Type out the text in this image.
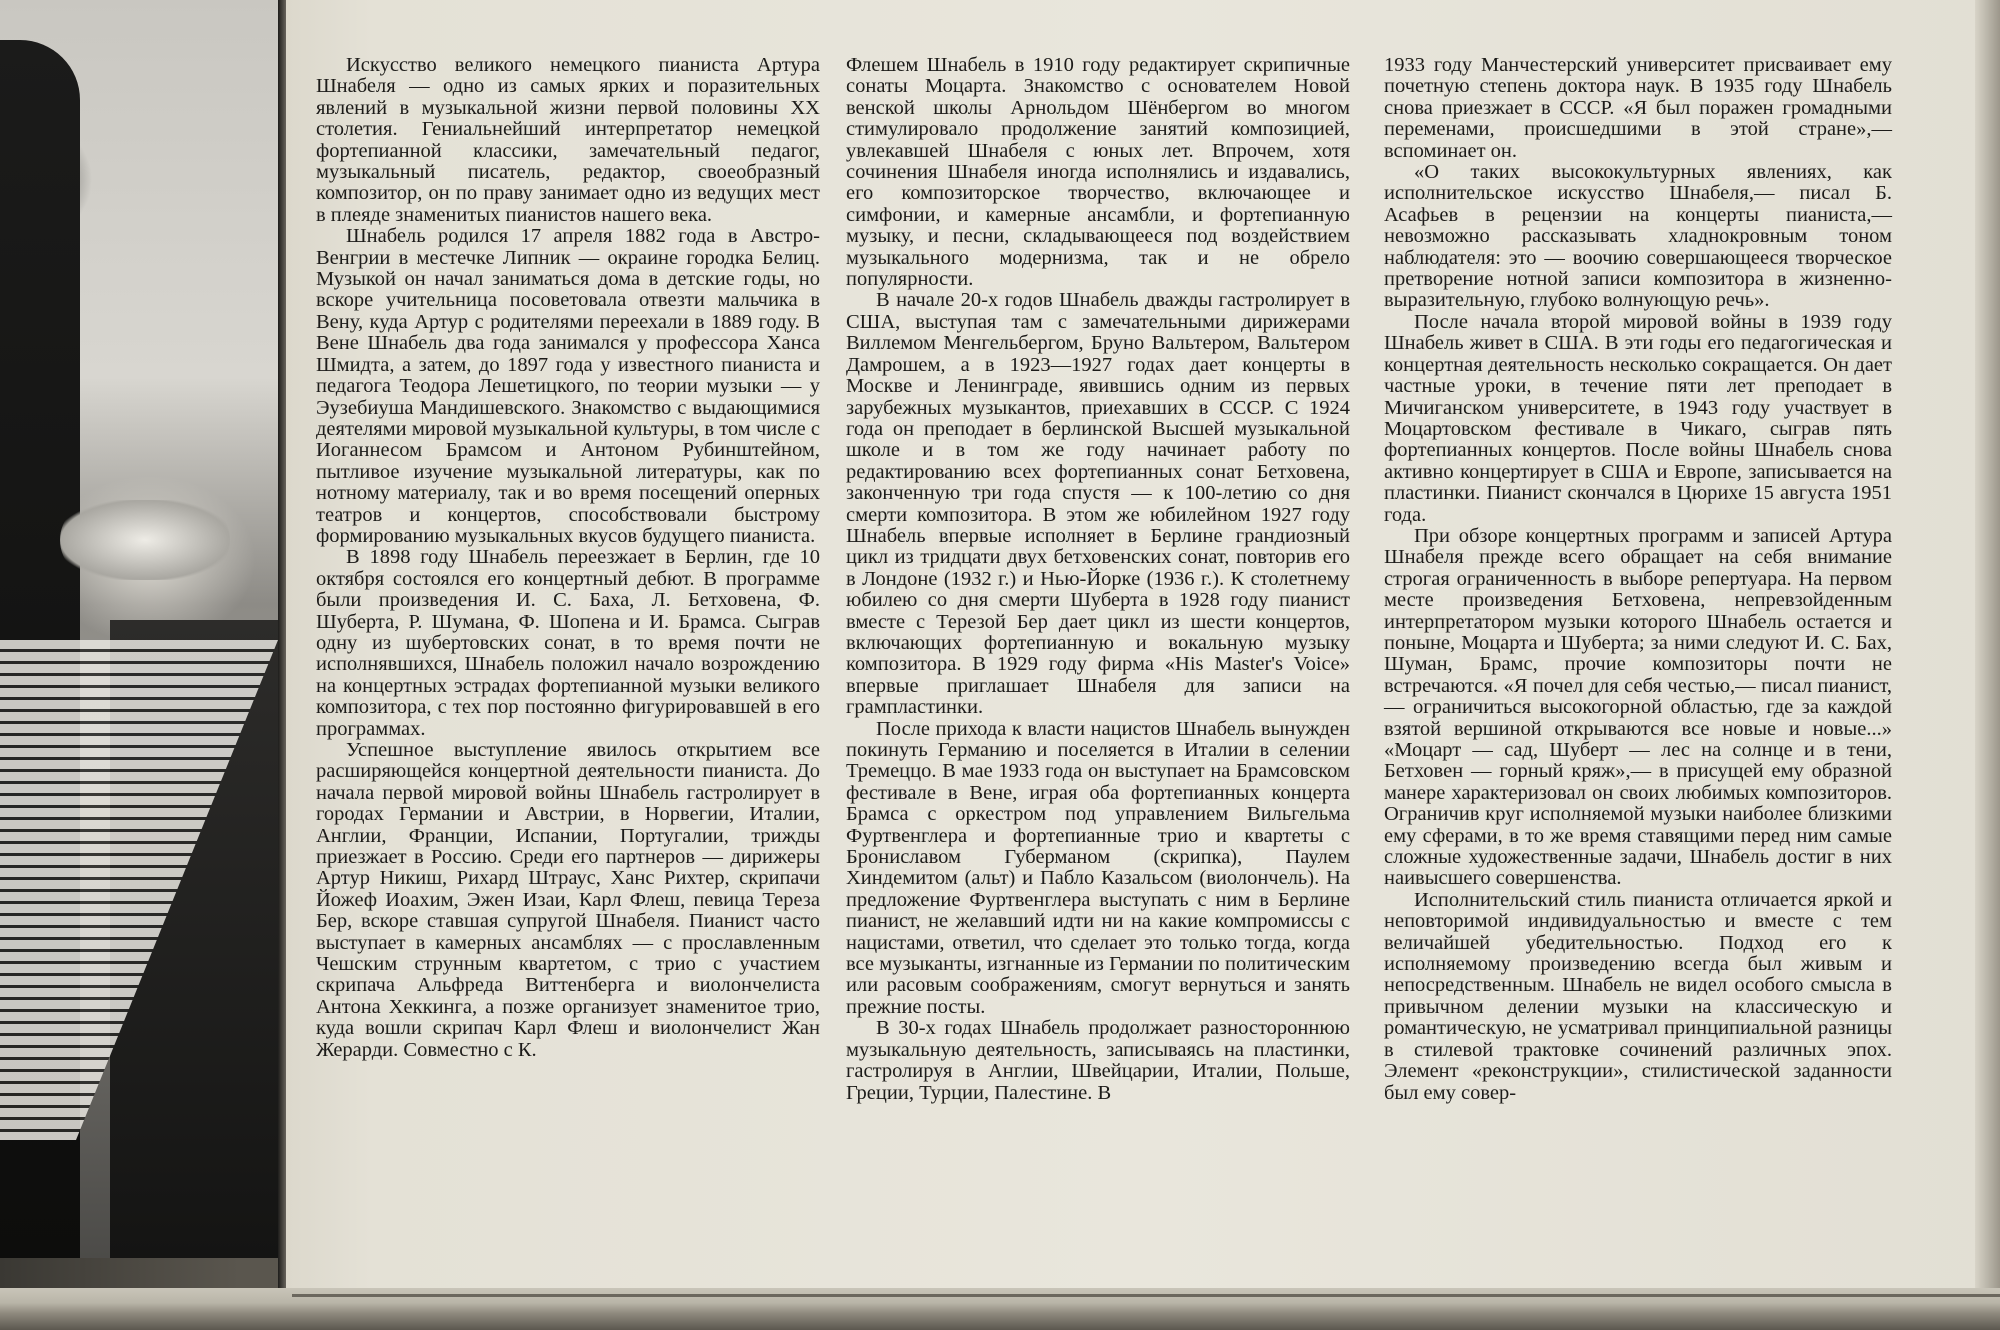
Искусство великого немецкого пианиста Артура Шнабеля — одно из самых ярких и поразительных явлений в музыкальной жизни первой половины XX столетия. Гениальнейший интерпретатор немецкой фортепианной классики, замечательный педагог, музыкальный писатель, редактор, своеобразный композитор, он по праву занимает одно из ведущих мест в плеяде знаменитых пианистов нашего века.

Шнабель родился 17 апреля 1882 года в Австро-Венгрии в местечке Липник — окраине городка Белиц. Музыкой он начал заниматься дома в детские годы, но вскоре учительница посоветовала отвезти мальчика в Вену, куда Артур с родителями переехали в 1889 году. В Вене Шнабель два года занимался у профессора Ханса Шмидта, а затем, до 1897 года у известного пианиста и педагога Теодора Лешетицкого, по теории музыки — у Эузебиуша Мандишевского. Знакомство с выдающимися деятелями мировой музыкальной культуры, в том числе с Иоганнесом Брамсом и Антоном Рубинштейном, пытливое изучение музыкальной литературы, как по нотному материалу, так и во время посещений оперных театров и концертов, способствовали быстрому формированию музыкальных вкусов будущего пианиста.

В 1898 году Шнабель переезжает в Берлин, где 10 октября состоялся его концертный дебют. В программе были произведения И. С. Баха, Л. Бетховена, Ф. Шуберта, Р. Шумана, Ф. Шопена и И. Брамса. Сыграв одну из шубертовских сонат, в то время почти не исполнявшихся, Шнабель положил начало возрождению на концертных эстрадах фортепианной музыки великого композитора, с тех пор постоянно фигурировавшей в его программах.

Успешное выступление явилось открытием все расширяющейся концертной деятельности пианиста. До начала первой мировой войны Шнабель гастролирует в городах Германии и Австрии, в Норвегии, Италии, Англии, Франции, Испании, Португалии, трижды приезжает в Россию. Среди его партнеров — дирижеры Артур Никиш, Рихард Штраус, Ханс Рихтер, скрипачи Йожеф Иоахим, Эжен Изаи, Карл Флеш, певица Тереза Бер, вскоре ставшая супругой Шнабеля. Пианист часто выступает в камерных ансамблях — с прославленным Чешским струнным квартетом, с трио с участием скрипача Альфреда Виттенберга и виолончелиста Антона Хеккинга, а позже организует знаменитое трио, куда вошли скрипач Карл Флеш и виолончелист Жан Жерарди. Совместно с К.

Флешем Шнабель в 1910 году редактирует скрипичные сонаты Моцарта. Знакомство с основателем Новой венской школы Арнольдом Шёнбергом во многом стимулировало продолжение занятий композицией, увлекавшей Шнабеля с юных лет. Впрочем, хотя сочинения Шнабеля иногда исполнялись и издавались, его композиторское творчество, включающее и симфонии, и камерные ансамбли, и фортепианную музыку, и песни, складывающееся под воздействием музыкального модернизма, так и не обрело популярности.

В начале 20-х годов Шнабель дважды гастролирует в США, выступая там с замечательными дирижерами Виллемом Менгельбергом, Бруно Вальтером, Вальтером Дамрошем, а в 1923—1927 годах дает концерты в Москве и Ленинграде, явившись одним из первых зарубежных музыкантов, приехавших в СССР. С 1924 года он преподает в берлинской Высшей музыкальной школе и в том же году начинает работу по редактированию всех фортепианных сонат Бетховена, законченную три года спустя — к 100-летию со дня смерти композитора. В этом же юбилейном 1927 году Шнабель впервые исполняет в Берлине грандиозный цикл из тридцати двух бетховенских сонат, повторив его в Лондоне (1932 г.) и Нью-Йорке (1936 г.). К столетнему юбилею со дня смерти Шуберта в 1928 году пианист вместе с Терезой Бер дает цикл из шести концертов, включающих фортепианную и вокальную музыку композитора. В 1929 году фирма «His Master's Voice» впервые приглашает Шнабеля для записи на грампластинки.

После прихода к власти нацистов Шнабель вынужден покинуть Германию и поселяется в Италии в селении Тремеццо. В мае 1933 года он выступает на Брамсовском фестивале в Вене, играя оба фортепианных концерта Брамса с оркестром под управлением Вильгельма Фуртвенглера и фортепианные трио и квартеты с Брониславом Губерманом (скрипка), Паулем Хиндемитом (альт) и Пабло Казальсом (виолончель). На предложение Фуртвенглера выступать с ним в Берлине пианист, не желавший идти ни на какие компромиссы с нацистами, ответил, что сделает это только тогда, когда все музыканты, изгнанные из Германии по политическим или расовым соображениям, смогут вернуться и занять прежние посты.

В 30-х годах Шнабель продолжает разностороннюю музыкальную деятельность, записываясь на пластинки, гастролируя в Англии, Швейцарии, Италии, Польше, Греции, Турции, Палестине. В

1933 году Манчестерский университет присваивает ему почетную степень доктора наук. В 1935 году Шнабель снова приезжает в СССР. «Я был поражен громадными переменами, происшедшими в этой стране»,— вспоминает он.

«О таких высококультурных явлениях, как исполнительское искусство Шнабеля,— писал Б. Асафьев в рецензии на концерты пианиста,— невозможно рассказывать хладнокровным тоном наблюдателя: это — воочию совершающееся творческое претворение нотной записи композитора в жизненно-выразительную, глубоко волнующую речь».

После начала второй мировой войны в 1939 году Шнабель живет в США. В эти годы его педагогическая и концертная деятельность несколько сокращается. Он дает частные уроки, в течение пяти лет преподает в Мичиганском университете, в 1943 году участвует в Моцартовском фестивале в Чикаго, сыграв пять фортепианных концертов. После войны Шнабель снова активно концертирует в США и Европе, записывается на пластинки. Пианист скончался в Цюрихе 15 августа 1951 года.

При обзоре концертных программ и записей Артура Шнабеля прежде всего обращает на себя внимание строгая ограниченность в выборе репертуара. На первом месте произведения Бетховена, непревзойденным интерпретатором музыки которого Шнабель остается и поныне, Моцарта и Шуберта; за ними следуют И. С. Бах, Шуман, Брамс, прочие композиторы почти не встречаются. «Я почел для себя честью,— писал пианист,— ограничиться высокогорной областью, где за каждой взятой вершиной открываются все новые и новые...» «Моцарт — сад, Шуберт — лес на солнце и в тени, Бетховен — горный кряж»,— в присущей ему образной манере характеризовал он своих любимых композиторов. Ограничив круг исполняемой музыки наиболее близкими ему сферами, в то же время ставящими перед ним самые сложные художественные задачи, Шнабель достиг в них наивысшего совершенства.

Исполнительский стиль пианиста отличается яркой и неповторимой индивидуальностью и вместе с тем величайшей убедительностью. Подход его к исполняемому произведению всегда был живым и непосредственным. Шнабель не видел особого смысла в привычном делении музыки на классическую и романтическую, не усматривал принципиальной разницы в стилевой трактовке сочинений различных эпох. Элемент «реконструкции», стилистической заданности был ему совер-
